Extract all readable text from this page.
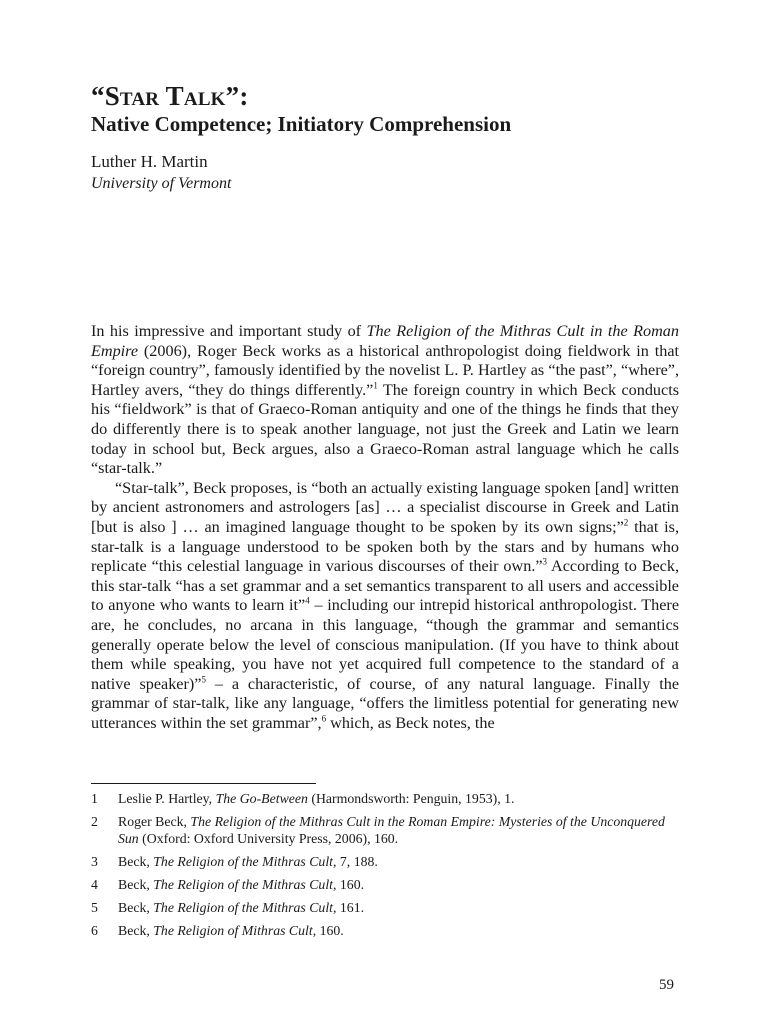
“Star Talk”:
Native Competence; Initiatory Comprehension
Luther H. Martin
University of Vermont

In his impressive and important study of The Religion of the Mithras Cult in the Roman Empire (2006), Roger Beck works as a historical anthropologist doing fieldwork in that “foreign country”, famously identified by the novelist L. P. Hartley as “the past”, “where”, Hartley avers, “they do things differently.”$^1$ The foreign country in which Beck conducts his “fieldwork” is that of Graeco-Roman antiquity and one of the things he finds that they do differently there is to speak another language, not just the Greek and Latin we learn today in school but, Beck argues, also a Graeco-Roman astral language which he calls “star-talk.”

“Star-talk”, Beck proposes, is “both an actually existing language spoken [and] written by ancient astronomers and astrologers [as] … a specialist discourse in Greek and Latin [but is also ] … an imagined language thought to be spoken by its own signs;”$^2$ that is, star-talk is a language understood to be spoken both by the stars and by humans who replicate “this celestial language in various discourses of their own.”$^3$ According to Beck, this star-talk “has a set grammar and a set semantics transparent to all users and accessible to anyone who wants to learn it”$^4$ – including our intrepid historical anthropologist. There are, he concludes, no arcana in this language, “though the grammar and semantics generally operate below the level of conscious manipulation. (If you have to think about them while speaking, you have not yet acquired full competence to the standard of a native speaker)”$^5$ – a characteristic, of course, of any natural language. Finally the grammar of star-talk, like any language, “offers the limitless potential for generating new utterances within the set grammar”,$^6$ which, as Beck notes, the

1	Leslie P. Hartley, The Go-Between (Harmondsworth: Penguin, 1953), 1.
2	Roger Beck, The Religion of the Mithras Cult in the Roman Empire: Mysteries of the Unconquered Sun (Oxford: Oxford University Press, 2006), 160.
3	Beck, The Religion of the Mithras Cult, 7, 188.
4	Beck, The Religion of the Mithras Cult, 160.
5	Beck, The Religion of the Mithras Cult, 161.
6	Beck, The Religion of Mithras Cult, 160.
59
